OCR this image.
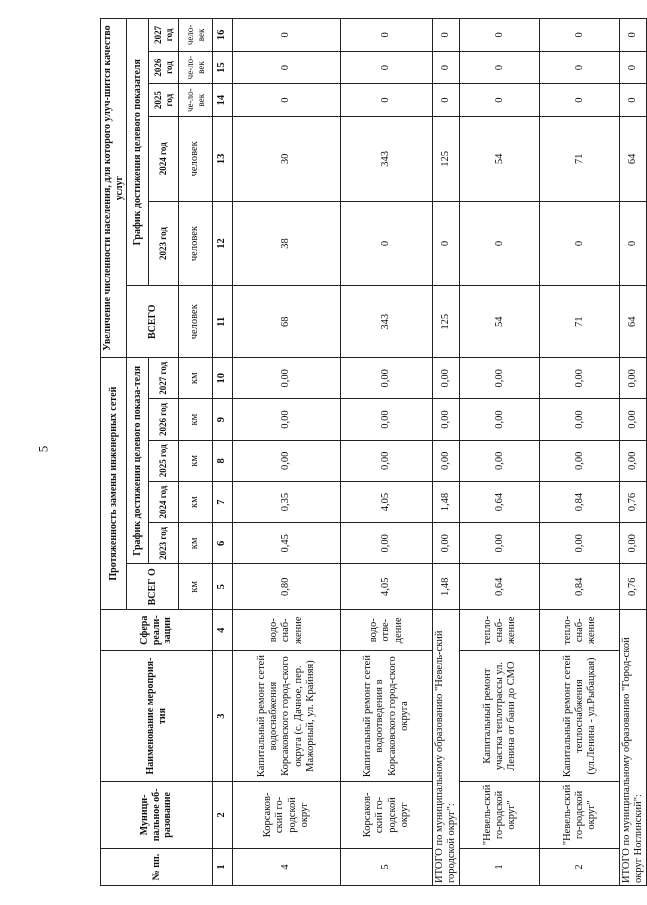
5
№ пп.	Муници-пальное об-разование	Наименование мероприя-тия	Сфера реали-зации	Протяженность замены инженерных сетей						Увеличение численности населения, для которого улуч-шится качество услуг					
				ВСЕГ О	График достижения целевого показа-теля					ВСЕГО	График достижения целевого показателя				
					2023 год	2024 год	2025 год	2026 год	2027 год		2023 год	2024 год	2025 год	2026 год	2027 год
				км	км	км	км	км	км	человек	человек	человек	че-ло-век	че-ло-век	чело-век
1	2	3	4	5	6	7	8	9	10	11	12	13	14	15	16
4	Корсаков-ский го-родской округ	Капитальный ремонт сетей водоснабжения Корсаковского город-ского округа (с. Дачное, пер. Мажорный, ул. Крайняя)	водо-снаб-жение	0,80	0,45	0,35	0,00	0,00	0,00	68	38	30	0	0	0
5	Корсаков-ский го-родской округ	Капитальный ремонт сетей водоотведения в Корсаковского город-ского округа	водо-отве-дение	4,05	0,00	4,05	0,00	0,00	0,00	343	0	343	0	0	0
ИТОГО по муниципальному образованию "Невель-ский городской округ":				1,48	0,00	1,48	0,00	0,00	0,00	125	0	125	0	0	0
1	"Невель-ский го-родской округ"	Капитальный ремонт участка теплотрассы ул. Ленина от бани до СМО	тепло-снаб-жение	0,64	0,00	0,64	0,00	0,00	0,00	54	0	54	0	0	0
2	"Невель-ский го-родской округ"	Капитальный ремонт сетей теплоснабжения (ул.Ленина - ул.Рыбацкая)	тепло-снаб-жение	0,84	0,00	0,84	0,00	0,00	0,00	71	0	71	0	0	0
ИТОГО по муниципальному образованию "Город-ской округ Ноглинский":				0,76	0,00	0,76	0,00	0,00	0,00	64	0	64	0	0	0
